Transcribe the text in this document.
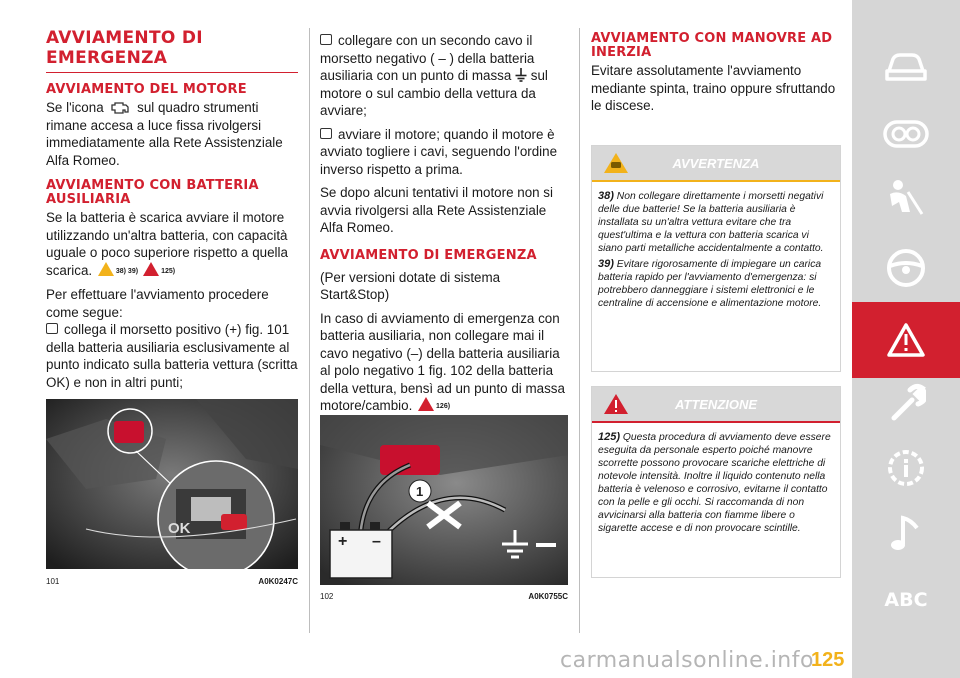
AVVIAMENTO DI EMERGENZA
AVVIAMENTO DEL MOTORE

Se l'icona sul quadro strumenti rimane accesa a luce fissa rivolgersi immediatamente alla Rete Assistenziale Alfa Romeo.

AVVIAMENTO CON BATTERIA AUSILIARIA

Se la batteria è scarica avviare il motore utilizzando un'altra batteria, con capacità uguale o poco superiore rispetto a quella scarica.	38) 39)	125)

Per effettuare l'avviamento procedere come segue:

collega il morsetto positivo (+) fig. 101 della batteria ausiliaria esclusivamente al punto indicato sulla batteria vettura (scritta OK) e non in altri punti;

OK
101	A0K0247C

collegare con un secondo cavo il morsetto negativo ( – ) della batteria ausiliaria con un punto di massa sul motore o sul cambio della vettura da avviare;

avviare il motore; quando il motore è avviato togliere i cavi, seguendo l'ordine inverso rispetto a prima.

Se dopo alcuni tentativi il motore non si avvia rivolgersi alla Rete Assistenziale Alfa Romeo.

AVVIAMENTO DI EMERGENZA

(Per versioni dotate di sistema Start&Stop)

In caso di avviamento di emergenza con batteria ausiliaria, non collegare mai il cavo negativo (–) della batteria ausiliaria al polo negativo 1 fig. 102 della batteria della vettura, bensì ad un punto di massa motore/cambio.	126)

+ –
1
102	A0K0755C
AVVIAMENTO CON MANOVRE AD INERZIA

Evitare assolutamente l'avviamento mediante spinta, traino oppure sfruttando le discese.

AVVERTENZA
38) Non collegare direttamente i morsetti negativi delle due batterie! Se la batteria ausiliaria è installata su un'altra vettura evitare che tra quest'ultima e la vettura con batteria scarica vi siano parti metalliche accidentalmente a contatto.
39) Evitare rigorosamente di impiegare un carica batteria rapido per l'avviamento d'emergenza: si potrebbero danneggiare i sistemi elettronici e le centraline di accensione e alimentazione motore.
ATTENZIONE
125) Questa procedura di avviamento deve essere eseguita da personale esperto poiché manovre scorrette possono provocare scariche elettriche di notevole intensità. Inoltre il liquido contenuto nella batteria è velenoso e corrosivo, evitarne il contatto con la pelle e gli occhi. Si raccomanda di non avvicinarsi alla batteria con fiamme libere o sigarette accese e di non provocare scintille.
ABC
125
carmanualsonline.info
